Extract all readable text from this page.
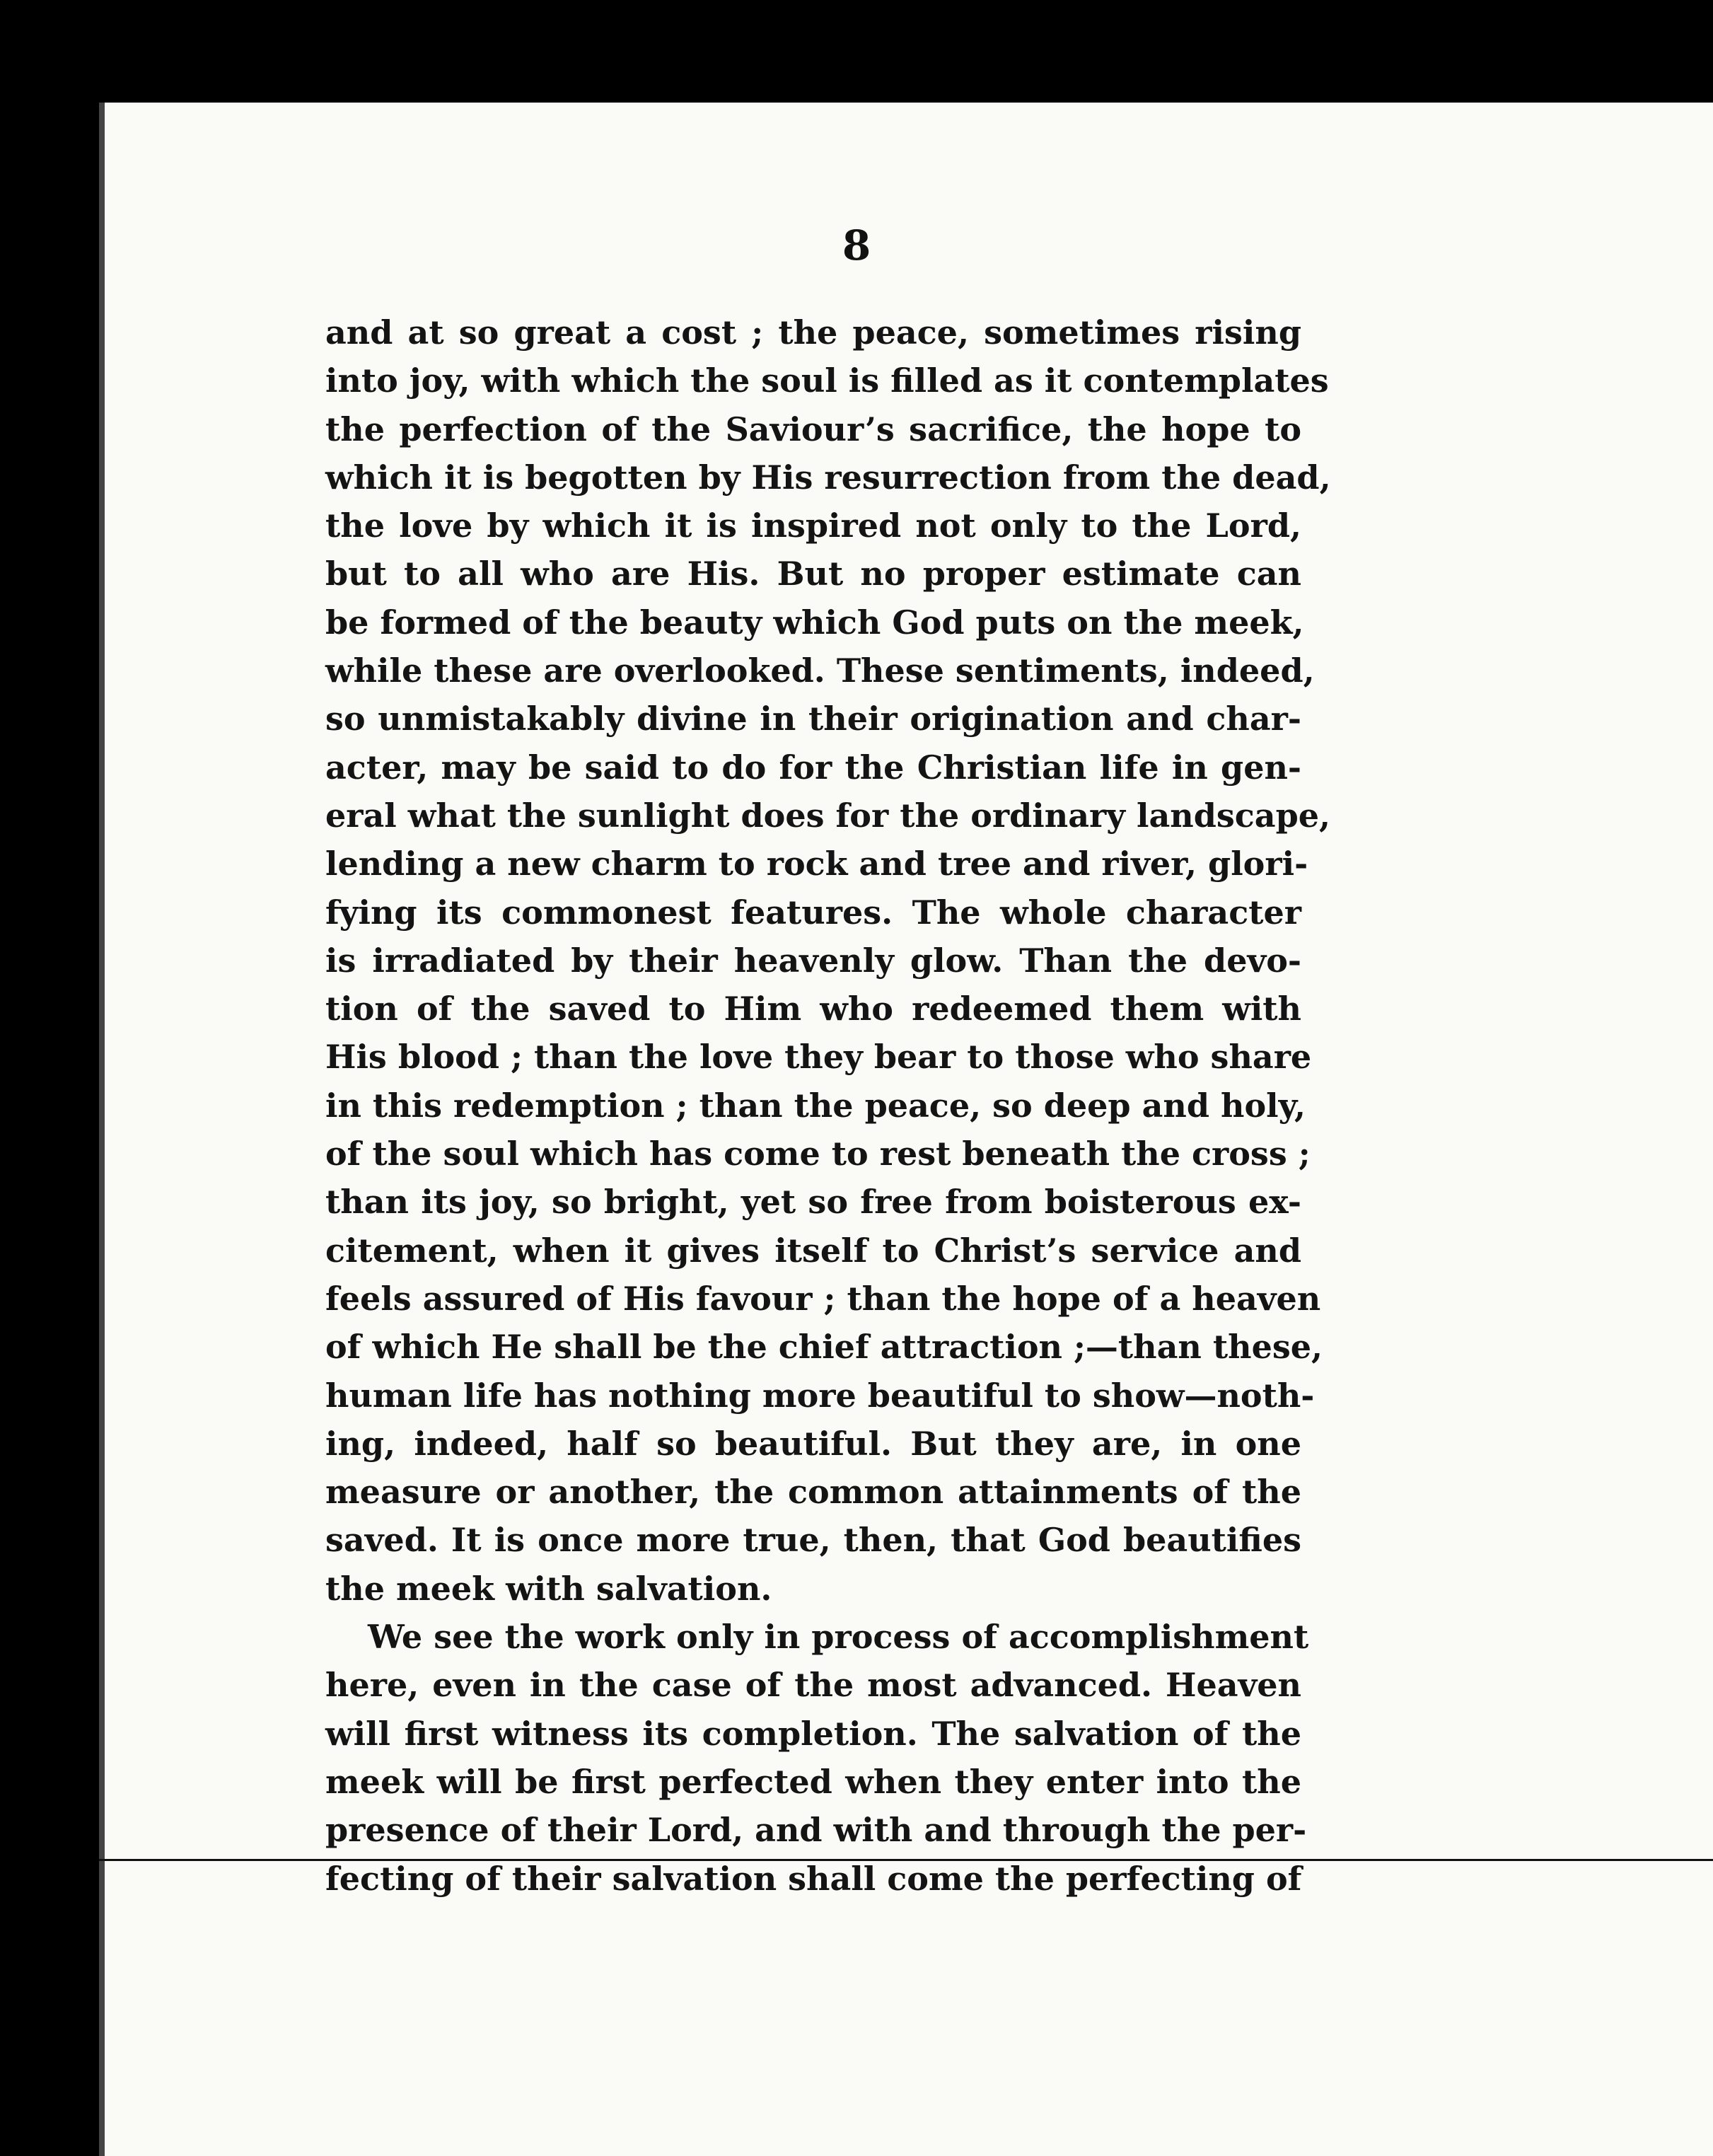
8
and at so great a cost ; the peace, sometimes rising
into joy, with which the soul is filled as it contemplates
the perfection of the Saviour’s sacrifice, the hope to
which it is begotten by His resurrection from the dead,
the love by which it is inspired not only to the Lord,
but to all who are His. But no proper estimate can
be formed of the beauty which God puts on the meek,
while these are overlooked. These sentiments, indeed,
so unmistakably divine in their origination and char-
acter, may be said to do for the Christian life in gen-
eral what the sunlight does for the ordinary landscape,
lending a new charm to rock and tree and river, glori-
fying its commonest features. The whole character
is irradiated by their heavenly glow. Than the devo-
tion of the saved to Him who redeemed them with
His blood ; than the love they bear to those who share
in this redemption ; than the peace, so deep and holy,
of the soul which has come to rest beneath the cross ;
than its joy, so bright, yet so free from boisterous ex-
citement, when it gives itself to Christ’s service and
feels assured of His favour ; than the hope of a heaven
of which He shall be the chief attraction ;—than these,
human life has nothing more beautiful to show—noth-
ing, indeed, half so beautiful. But they are, in one
measure or another, the common attainments of the
saved. It is once more true, then, that God beautifies
the meek with salvation.
We see the work only in process of accomplishment
here, even in the case of the most advanced. Heaven
will first witness its completion. The salvation of the
meek will be first perfected when they enter into the
presence of their Lord, and with and through the per-
fecting of their salvation shall come the perfecting of
